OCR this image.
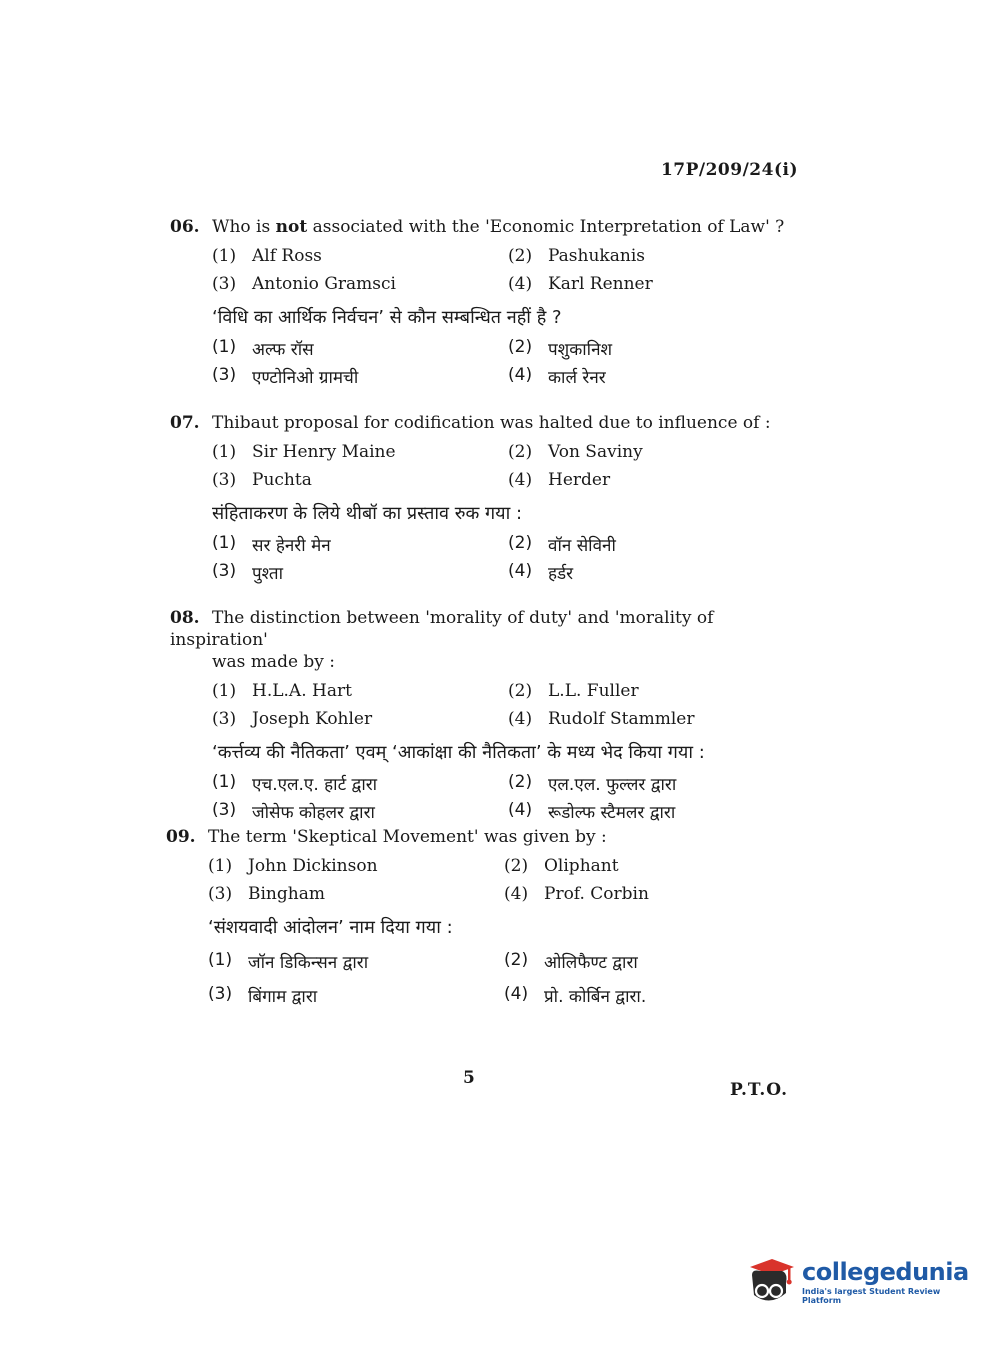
17P/209/24(i)
06. Who is not associated with the 'Economic Interpretation of Law' ?
(1) Alf Ross	(2) Pashukanis
(3) Antonio Gramsci	(4) Karl Renner
‘विधि का आर्थिक निर्वचन’ से कौन सम्बन्धित नहीं है ?
(1) अल्फ रॉस	(2) पशुकानिश
(3) एण्टोनिओ ग्रामची	(4) कार्ल रेनर
07. Thibaut proposal for codification was halted due to influence of :
(1) Sir Henry Maine	(2) Von Saviny
(3) Puchta	(4) Herder
संहिताकरण के लिये थीबॉ का प्रस्ताव रुक गया :
(1) सर हेनरी मेन	(2) वॉन सेविनी
(3) पुश्ता	(4) हर्डर
08. The distinction between 'morality of duty' and 'morality of inspiration'
was made by :
(1) H.L.A. Hart	(2) L.L. Fuller
(3) Joseph Kohler	(4) Rudolf Stammler
‘कर्त्तव्य की नैतिकता’ एवम् ‘आकांक्षा की नैतिकता’ के मध्य भेद किया गया :
(1) एच.एल.ए. हार्ट द्वारा	(2) एल.एल. फुल्लर द्वारा
(3) जोसेफ कोहलर द्वारा	(4) रूडोल्फ स्टैमलर द्वारा
09. The term 'Skeptical Movement' was given by :
(1) John Dickinson	(2) Oliphant
(3) Bingham	(4) Prof. Corbin
‘संशयवादी आंदोलन’ नाम दिया गया :
(1) जॉन डिकिन्सन द्वारा	(2) ओलिफैण्ट द्वारा
(3) बिंगाम द्वारा	(4) प्रो. कोर्बिन द्वारा.
5
P.T.O.
collegedunia
India's largest Student Review Platform
